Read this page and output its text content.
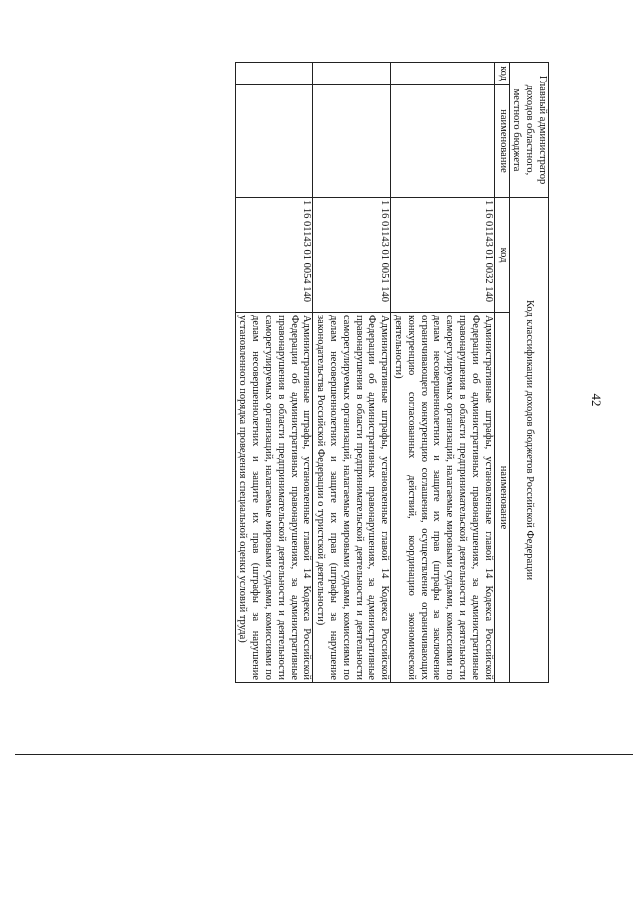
42
Главный администратор доходов областного, местного бюджета		Код классификации доходов бюджетов Российской Федерации	
код	наименование	код	наименование
		1 16 01143 01 0032 140	Административные штрафы, установленные главой 14 Кодекса Российской Федерации об административных правонарушениях, за административные правонарушения в области предпринимательской деятельности и деятельности саморегулируемых организаций, налагаемые мировыми судьями, комиссиями по делам несовершеннолетних и защите их прав (штрафы за заключение ограничивающего конкуренцию соглашения, осуществление ограничивающих конкуренцию согласованных действий, координацию экономической деятельности)
		1 16 01143 01 0051 140	Административные штрафы, установленные главой 14 Кодекса Российской Федерации об административных правонарушениях, за административные правонарушения в области предпринимательской деятельности и деятельности саморегулируемых организаций, налагаемые мировыми судьями, комиссиями по делам несовершеннолетних и защите их прав (штрафы за нарушение законодательства Российской Федерации о туристской деятельности)
		1 16 01143 01 0054 140	Административные штрафы, установленные главой 14 Кодекса Российской Федерации об административных правонарушениях, за административные правонарушения в области предпринимательской деятельности и деятельности саморегулируемых организаций, налагаемые мировыми судьями, комиссиями по делам несовершеннолетних и защите их прав (штрафы за нарушение установленного порядка проведения специальной оценки условий труда)
